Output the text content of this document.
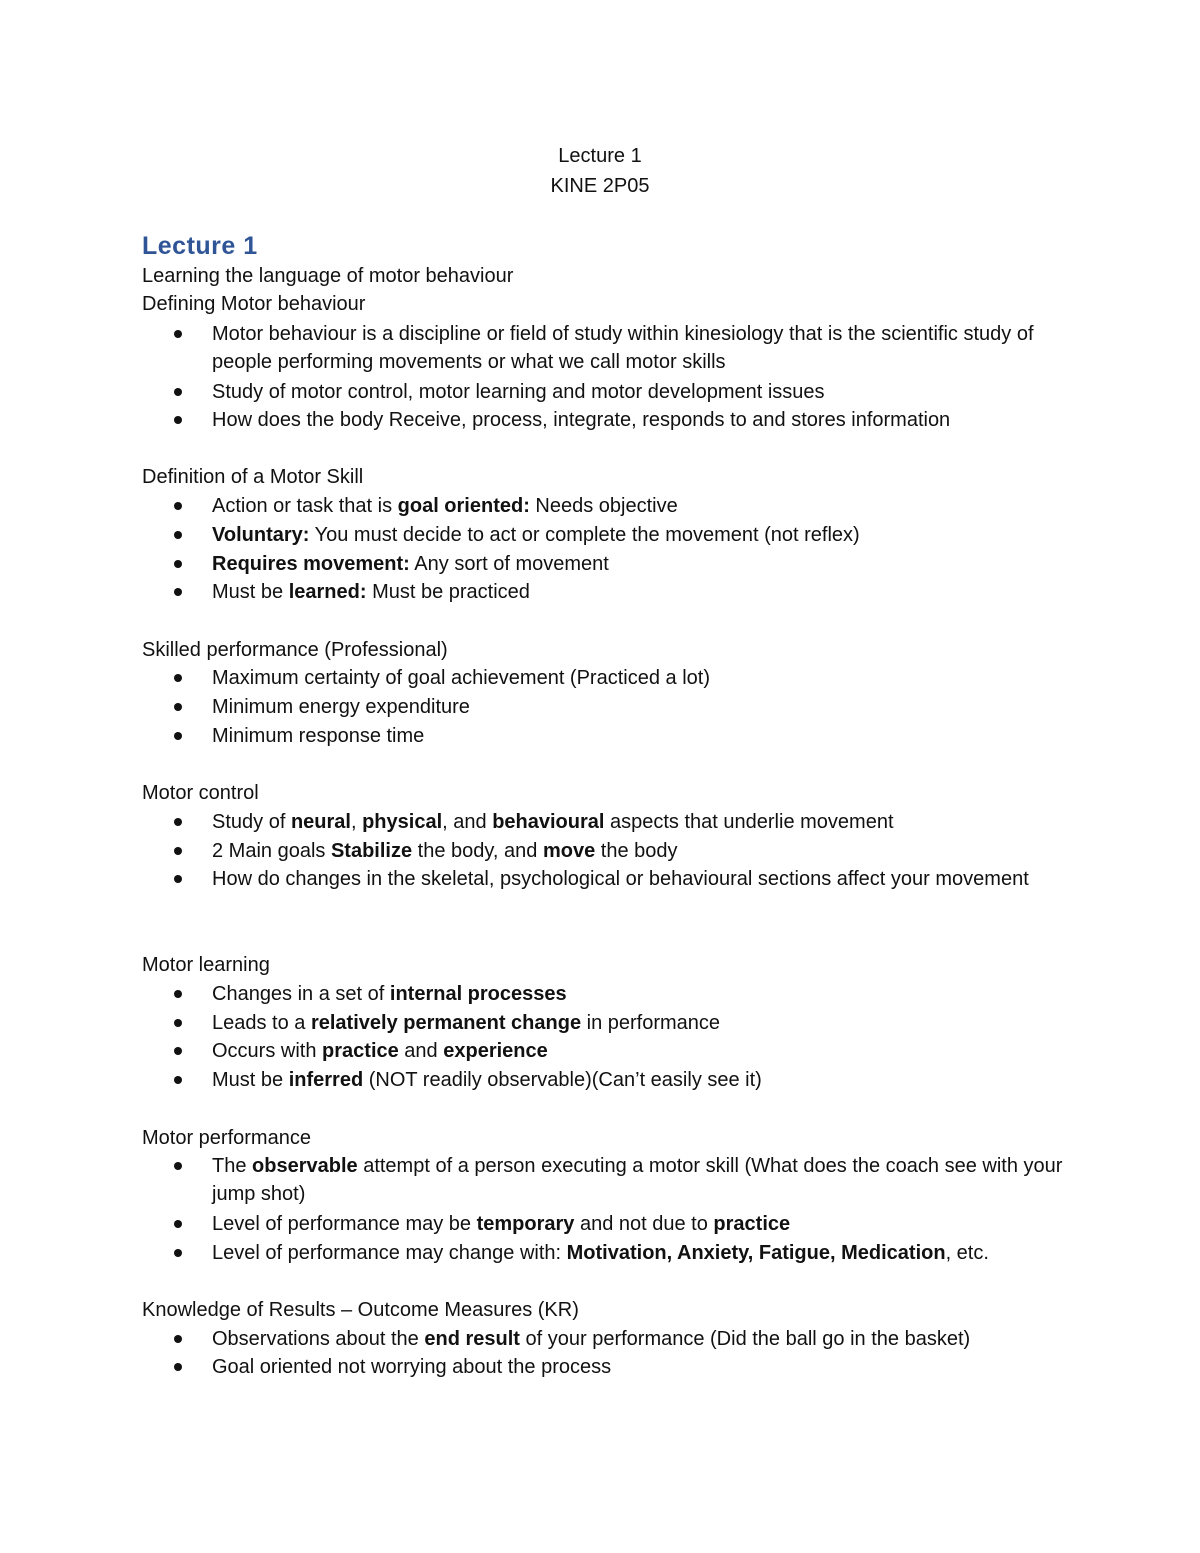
Lecture 1
KINE 2P05
Lecture 1
Learning the language of motor behaviour
Defining Motor behaviour
Motor behaviour is a discipline or field of study within kinesiology that is the scientific study of people performing movements or what we call motor skills
Study of motor control, motor learning and motor development issues
How does the body Receive, process, integrate, responds to and stores information
Definition of a Motor Skill
Action or task that is goal oriented: Needs objective
Voluntary: You must decide to act or complete the movement (not reflex)
Requires movement: Any sort of movement
Must be learned: Must be practiced
Skilled performance (Professional)
Maximum certainty of goal achievement (Practiced a lot)
Minimum energy expenditure
Minimum response time
Motor control
Study of neural, physical, and behavioural aspects that underlie movement
2 Main goals Stabilize the body, and move the body
How do changes in the skeletal, psychological or behavioural sections affect your movement
Motor learning
Changes in a set of internal processes
Leads to a relatively permanent change in performance
Occurs with practice and experience
Must be inferred (NOT readily observable)(Can’t easily see it)
Motor performance
The observable attempt of a person executing a motor skill (What does the coach see with your jump shot)
Level of performance may be temporary and not due to practice
Level of performance may change with: Motivation, Anxiety, Fatigue, Medication, etc.
Knowledge of Results – Outcome Measures (KR)
Observations about the end result of your performance (Did the ball go in the basket)
Goal oriented not worrying about the process
